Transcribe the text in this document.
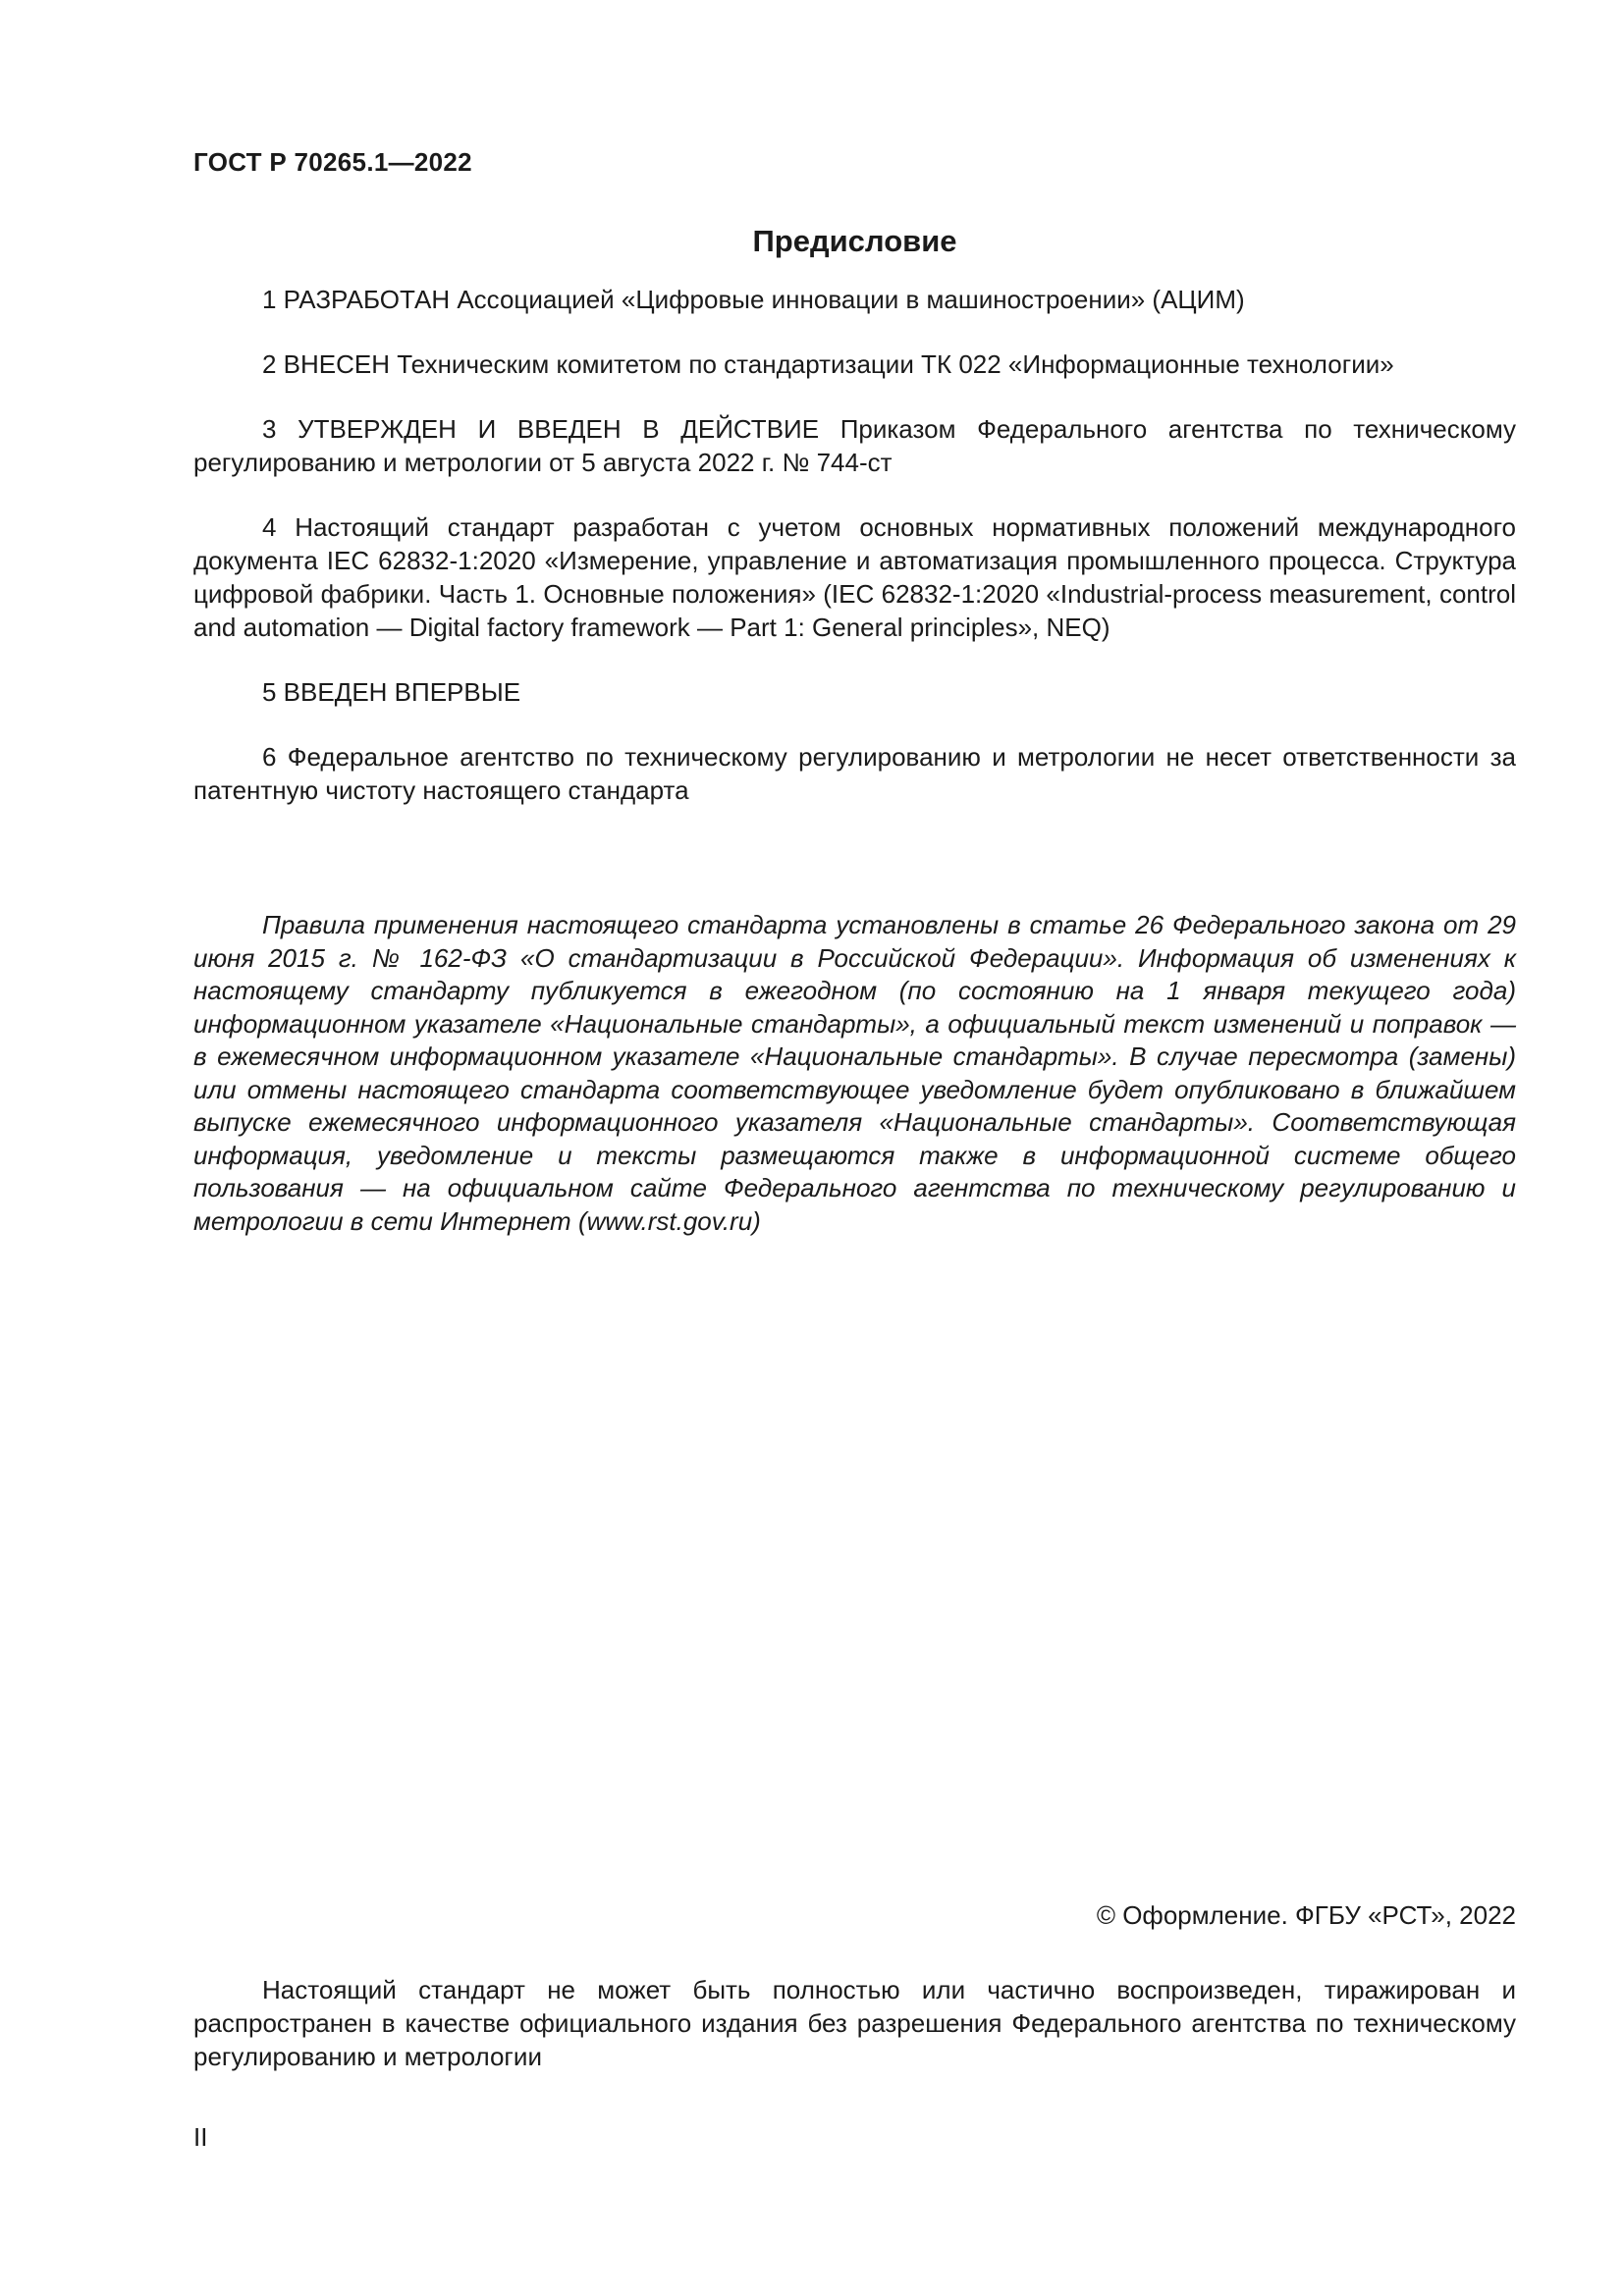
ГОСТ Р 70265.1—2022
Предисловие
1 РАЗРАБОТАН Ассоциацией «Цифровые инновации в машиностроении» (АЦИМ)
2 ВНЕСЕН Техническим комитетом по стандартизации ТК 022 «Информационные технологии»
3 УТВЕРЖДЕН И ВВЕДЕН В ДЕЙСТВИЕ Приказом Федерального агентства по техническому регулированию и метрологии от 5 августа 2022 г. № 744-ст
4 Настоящий стандарт разработан с учетом основных нормативных положений международного документа IEC 62832-1:2020 «Измерение, управление и автоматизация промышленного процесса. Структура цифровой фабрики. Часть 1. Основные положения» (IEC 62832-1:2020 «Industrial-process measurement, control and automation — Digital factory framework — Part 1: General principles», NEQ)
5 ВВЕДЕН ВПЕРВЫЕ
6 Федеральное агентство по техническому регулированию и метрологии не несет ответственности за патентную чистоту настоящего стандарта

Правила применения настоящего стандарта установлены в статье 26 Федерального закона от 29 июня 2015 г. № 162-ФЗ «О стандартизации в Российской Федерации». Информация об изменениях к настоящему стандарту публикуется в ежегодном (по состоянию на 1 января текущего года) информационном указателе «Национальные стандарты», а официальный текст изменений и поправок — в ежемесячном информационном указателе «Национальные стандарты». В случае пересмотра (замены) или отмены настоящего стандарта соответствующее уведомление будет опубликовано в ближайшем выпуске ежемесячного информационного указателя «Национальные стандарты». Соответствующая информация, уведомление и тексты размещаются также в информационной системе общего пользования — на официальном сайте Федерального агентства по техническому регулированию и метрологии в сети Интернет (www.rst.gov.ru)

© Оформление. ФГБУ «РСТ», 2022

Настоящий стандарт не может быть полностью или частично воспроизведен, тиражирован и распространен в качестве официального издания без разрешения Федерального агентства по техническому регулированию и метрологии

II
